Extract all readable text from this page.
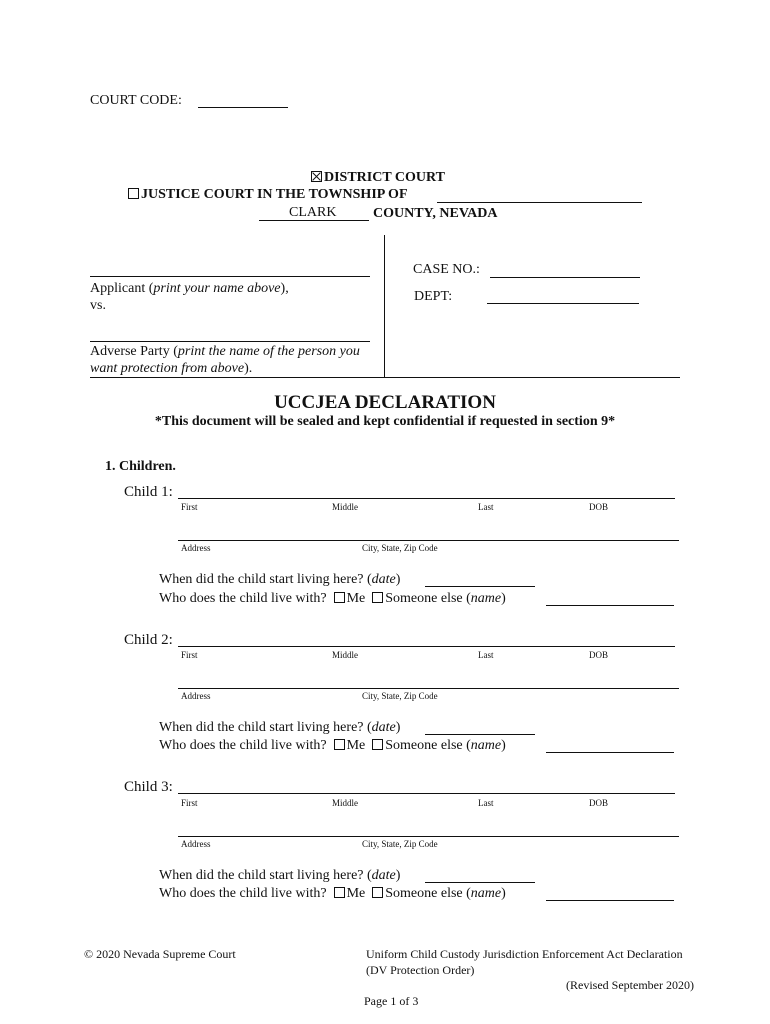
COURT CODE:
DISTRICT COURT
JUSTICE COURT IN THE TOWNSHIP OF
CLARK	COUNTY, NEVADA
Applicant (print your name above),
vs.
Adverse Party (print the name of the person you
want protection from above).
CASE NO.:
DEPT:
UCCJEA DECLARATION
*This document will be sealed and kept confidential if requested in section 9*
1. Children.
Child 1:
First	Middle	Last	DOB
Address	City, State, Zip Code
When did the child start living here? (date)
Who does the child live with? Me Someone else (name)
Child 2:
First	Middle	Last	DOB
Address	City, State, Zip Code
When did the child start living here? (date)
Who does the child live with? Me Someone else (name)
Child 3:
First	Middle	Last	DOB
Address	City, State, Zip Code
When did the child start living here? (date)
Who does the child live with? Me Someone else (name)
© 2020 Nevada Supreme Court	Uniform Child Custody Jurisdiction Enforcement Act Declaration
(DV Protection Order)
(Revised September 2020)
Page 1 of 3
